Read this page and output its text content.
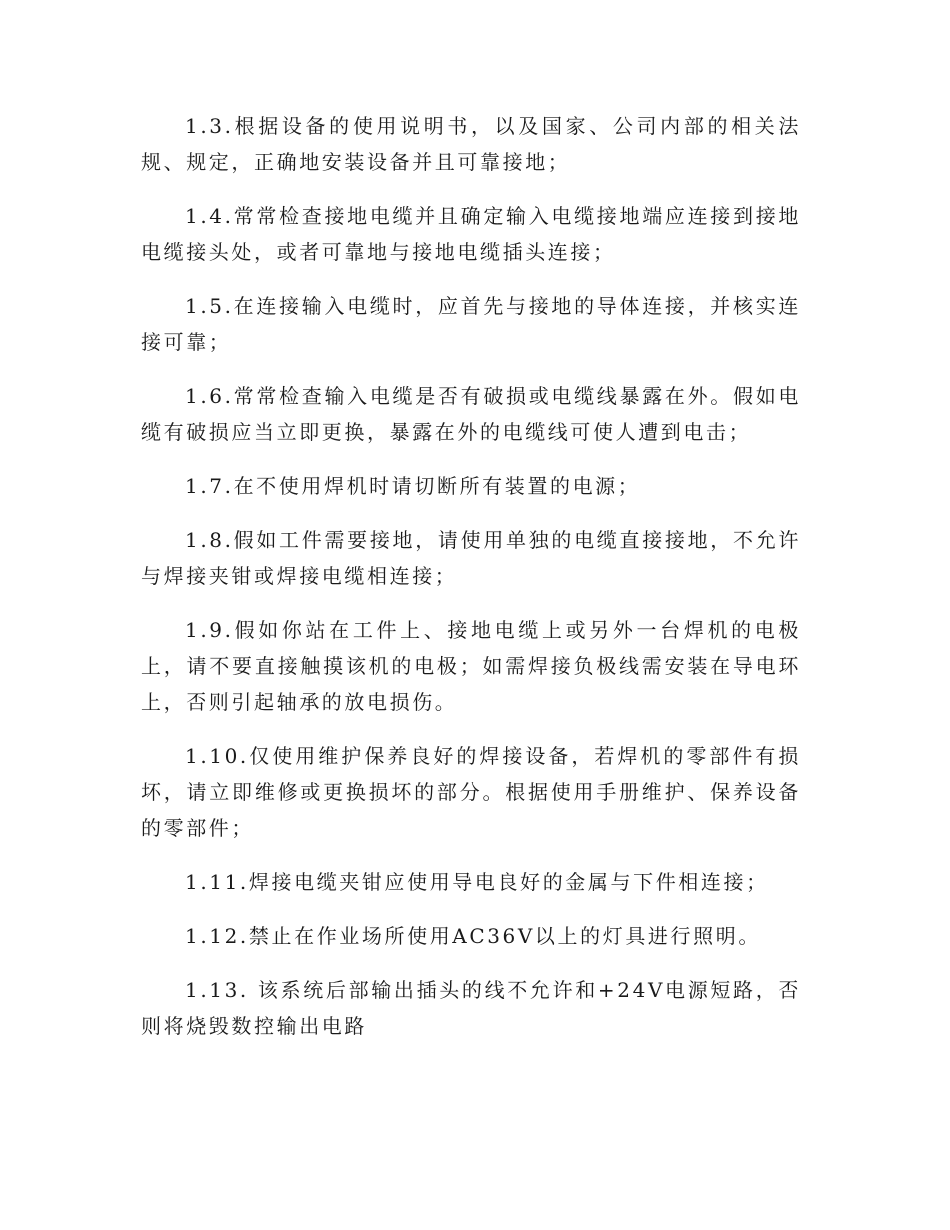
1.3.根据设备的使用说明书，以及国家、公司内部的相关法规、规定，正确地安装设备并且可靠接地；

1.4.常常检查接地电缆并且确定输入电缆接地端应连接到接地电缆接头处，或者可靠地与接地电缆插头连接；

1.5.在连接输入电缆时，应首先与接地的导体连接，并核实连接可靠；

1.6.常常检查输入电缆是否有破损或电缆线暴露在外。假如电缆有破损应当立即更换，暴露在外的电缆线可使人遭到电击；

1.7.在不使用焊机时请切断所有装置的电源；

1.8.假如工件需要接地，请使用单独的电缆直接接地，不允许与焊接夹钳或焊接电缆相连接；

1.9.假如你站在工件上、接地电缆上或另外一台焊机的电极上，请不要直接触摸该机的电极；如需焊接负极线需安装在导电环上，否则引起轴承的放电损伤。

1.10.仅使用维护保养良好的焊接设备，若焊机的零部件有损坏，请立即维修或更换损坏的部分。根据使用手册维护、保养设备的零部件；

1.11.焊接电缆夹钳应使用导电良好的金属与下件相连接；

1.12.禁止在作业场所使用AC36V以上的灯具进行照明。

1.13. 该系统后部输出插头的线不允许和+24V电源短路，否则将烧毁数控输出电路
